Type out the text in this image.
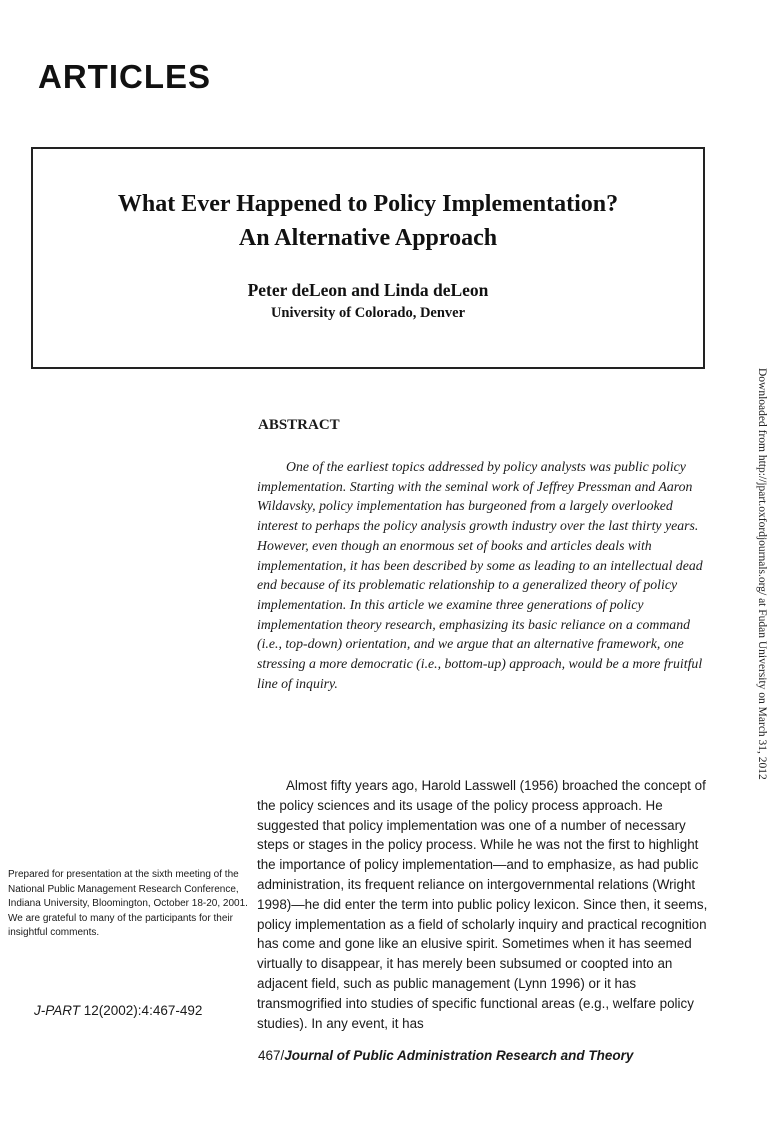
ARTICLES
What Ever Happened to Policy Implementation?
An Alternative Approach
Peter deLeon and Linda deLeon
University of Colorado, Denver
Downloaded from http://jpart.oxfordjournals.org/ at Fudan University on March 31, 2012
ABSTRACT

One of the earliest topics addressed by policy analysts was public policy implementation. Starting with the seminal work of Jeffrey Pressman and Aaron Wildavsky, policy implementation has burgeoned from a largely overlooked interest to perhaps the policy analysis growth industry over the last thirty years. However, even though an enormous set of books and articles deals with implementation, it has been described by some as leading to an intellectual dead end because of its problematic relationship to a generalized theory of policy implementation. In this article we examine three generations of policy implementation theory research, emphasizing its basic reliance on a command (i.e., top-down) orientation, and we argue that an alternative framework, one stressing a more democratic (i.e., bottom-up) approach, would be a more fruitful line of inquiry.

Almost fifty years ago, Harold Lasswell (1956) broached the concept of the policy sciences and its usage of the policy process approach. He suggested that policy implementation was one of a number of necessary steps or stages in the policy process. While he was not the first to highlight the importance of policy implementation—and to emphasize, as had public administration, its frequent reliance on intergovernmental relations (Wright 1998)—he did enter the term into public policy lexicon. Since then, it seems, policy implementation as a field of scholarly inquiry and practical recognition has come and gone like an elusive spirit. Sometimes when it has seemed virtually to disappear, it has merely been subsumed or coopted into an adjacent field, such as public management (Lynn 1996) or it has transmogrified into studies of specific functional areas (e.g., welfare policy studies). In any event, it has

Prepared for presentation at the sixth meeting of the National Public Management Research Conference, Indiana University, Bloomington, October 18-20, 2001. We are grateful to many of the participants for their insightful comments.

J-PART 12(2002):4:467-492

467/Journal of Public Administration Research and Theory
